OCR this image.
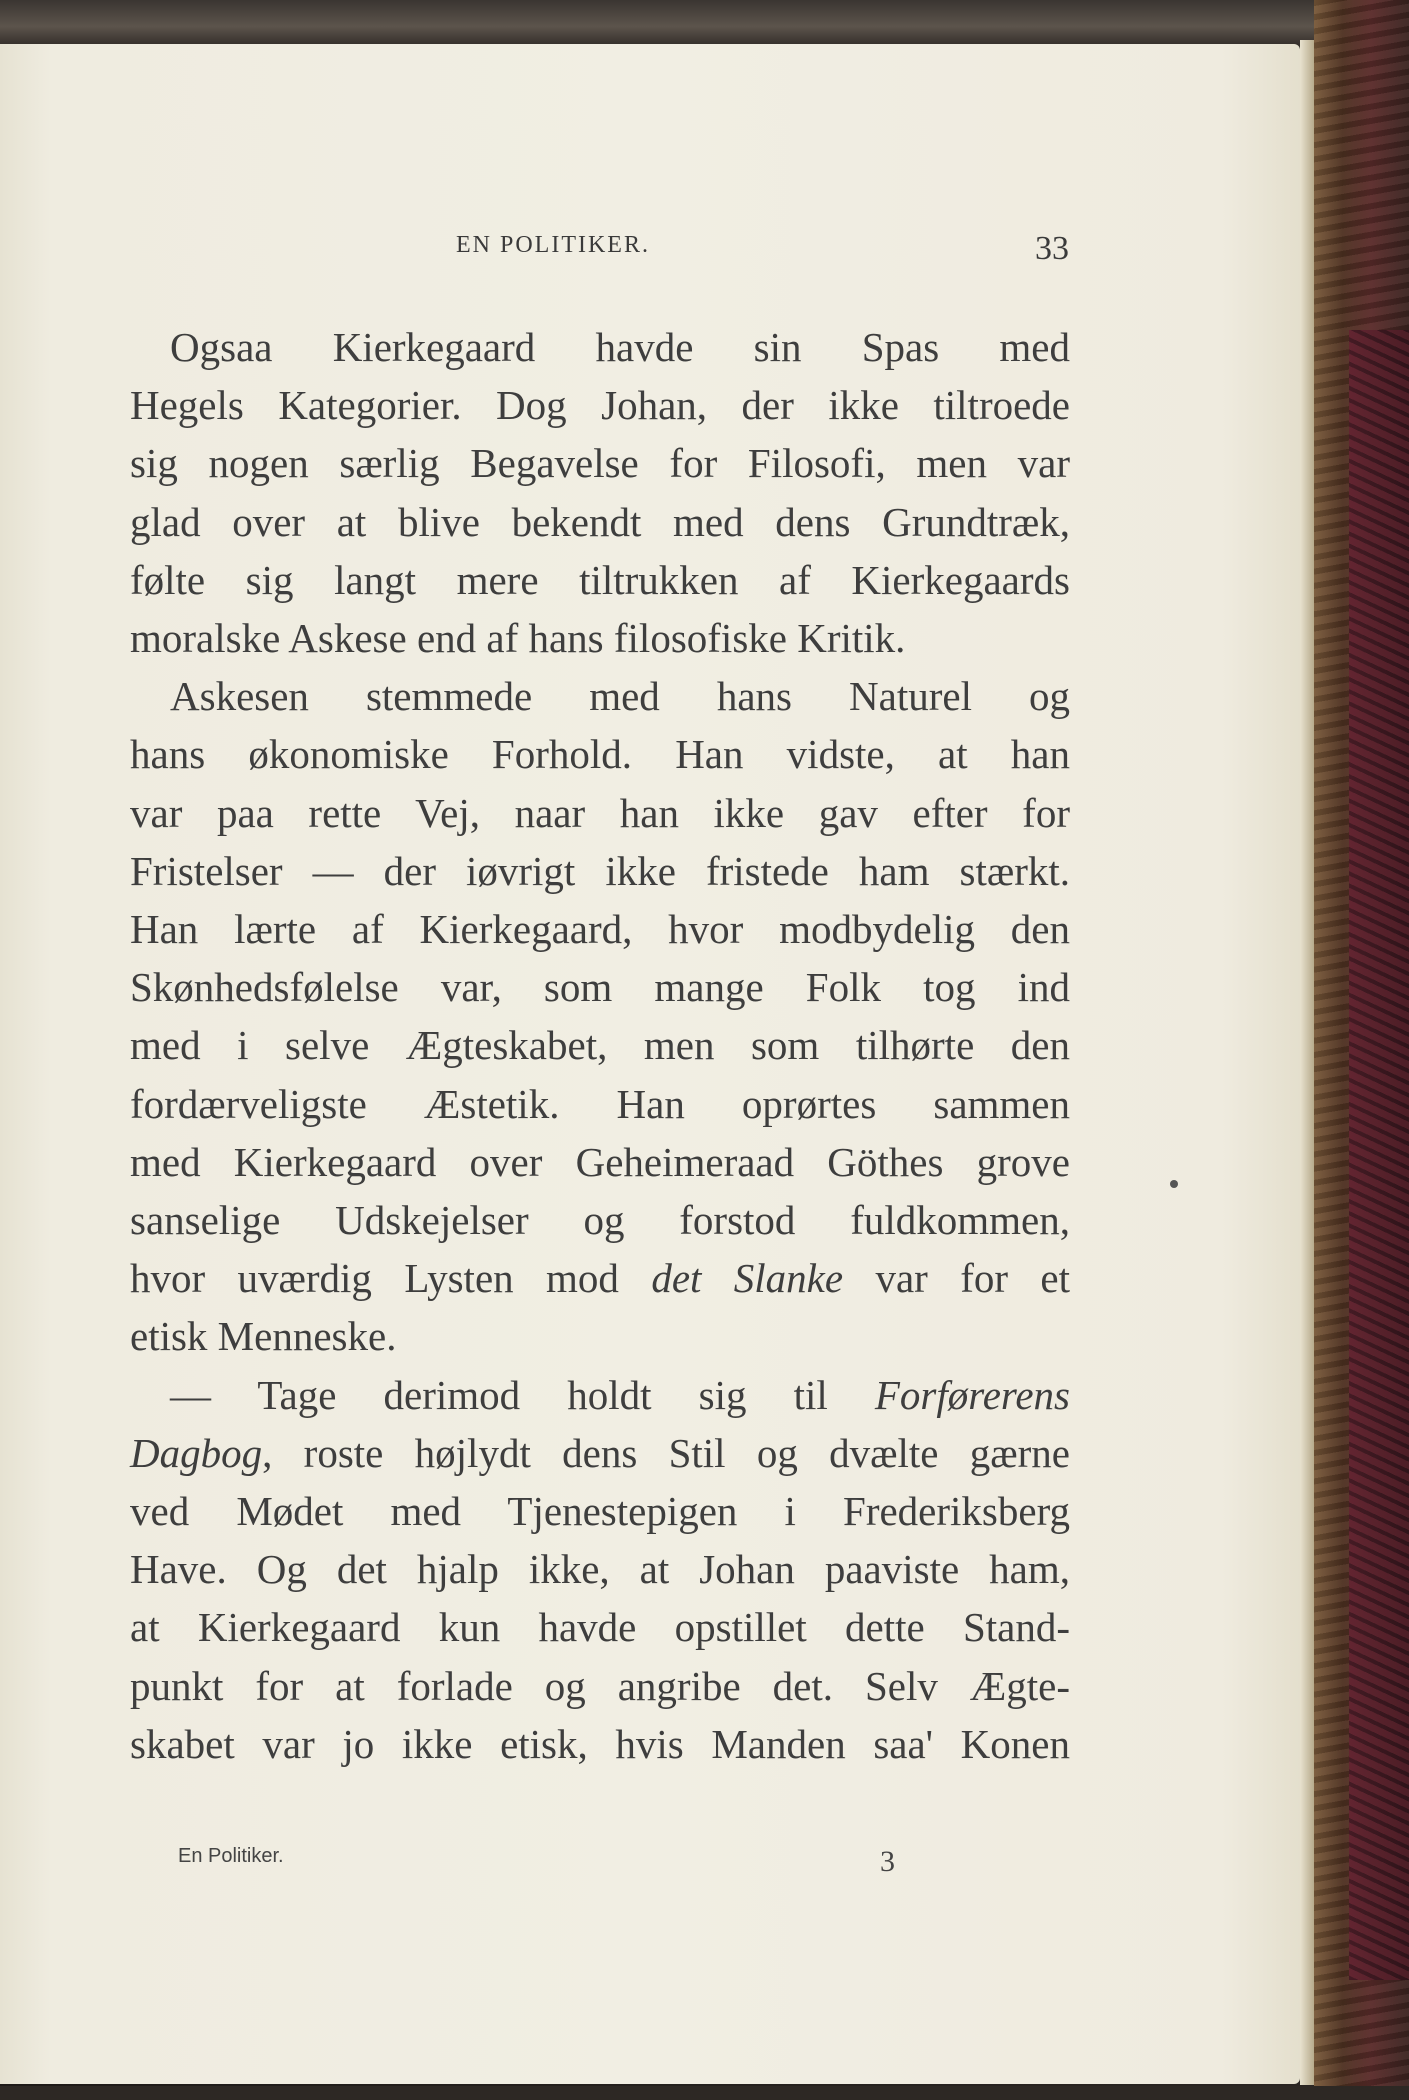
EN POLITIKER.	33
Ogsaa Kierkegaard havde sin Spas med
Hegels Kategorier. Dog Johan, der ikke tiltroede
sig nogen særlig Begavelse for Filosofi, men var
glad over at blive bekendt med dens Grundtræk,
følte sig langt mere tiltrukken af Kierkegaards
moralske Askese end af hans filosofiske Kritik.
Askesen stemmede med hans Naturel og
hans økonomiske Forhold. Han vidste, at han
var paa rette Vej, naar han ikke gav efter for
Fristelser — der iøvrigt ikke fristede ham stærkt.
Han lærte af Kierkegaard, hvor modbydelig den
Skønhedsfølelse var, som mange Folk tog ind
med i selve Ægteskabet, men som tilhørte den
fordærveligste Æstetik. Han oprørtes sammen
med Kierkegaard over Geheimeraad Göthes grove
sanselige Udskejelser og forstod fuldkommen,
hvor uværdig Lysten mod det Slanke var for et
etisk Menneske.
— Tage derimod holdt sig til Forførerens
Dagbog, roste højlydt dens Stil og dvælte gærne
ved Mødet med Tjenestepigen i Frederiksberg
Have. Og det hjalp ikke, at Johan paaviste ham,
at Kierkegaard kun havde opstillet dette Stand-
punkt for at forlade og angribe det. Selv Ægte-
skabet var jo ikke etisk, hvis Manden saa' Konen
En Politiker.	3
